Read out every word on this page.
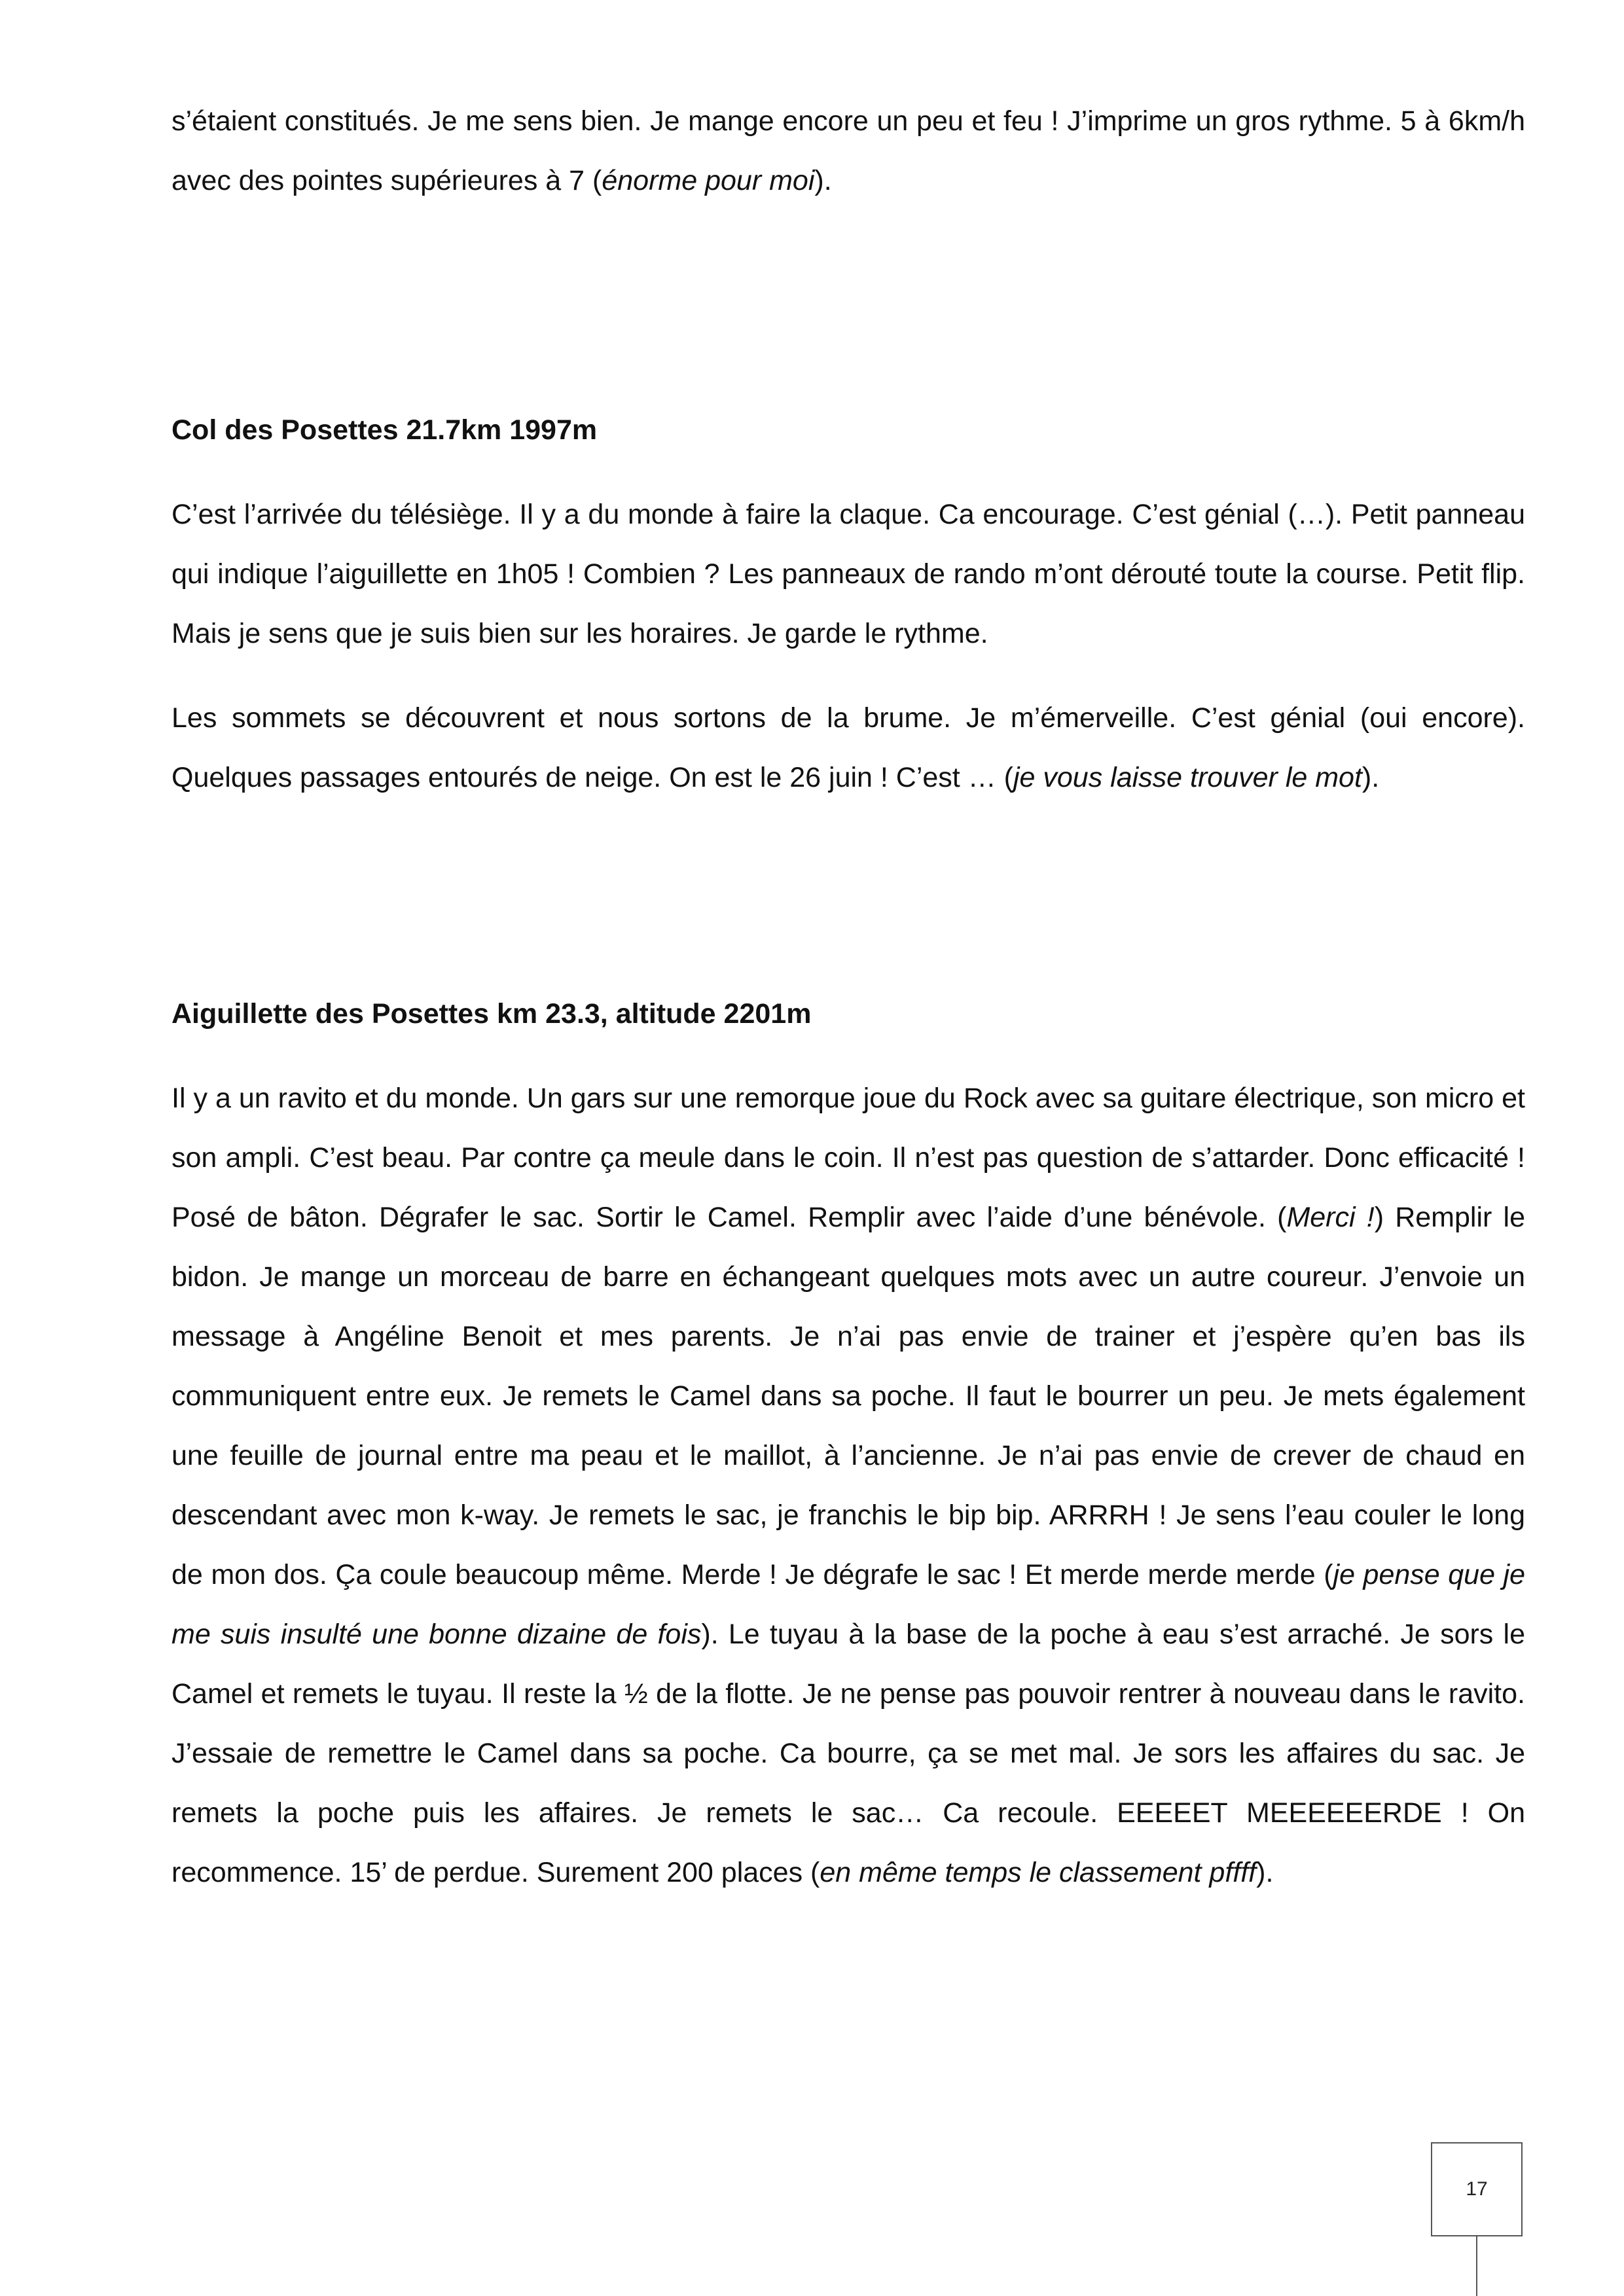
s’étaient constitués. Je me sens bien. Je mange encore un peu et feu ! J’imprime un gros rythme. 5 à 6km/h avec des pointes supérieures à 7 (énorme pour moi).

Col des Posettes 21.7km 1997m

C’est l’arrivée du télésiège. Il y a du monde à faire la claque. Ca encourage. C’est génial (…). Petit panneau qui indique l’aiguillette en 1h05 ! Combien ? Les panneaux de rando m’ont dérouté toute la course. Petit flip. Mais je sens que je suis bien sur les horaires. Je garde le rythme.

Les sommets se découvrent et nous sortons de la brume. Je m’émerveille. C’est génial (oui encore). Quelques passages entourés de neige. On est le 26 juin ! C’est … (je vous laisse trouver le mot).

Aiguillette des Posettes km 23.3, altitude 2201m

Il y a un ravito et du monde. Un gars sur une remorque joue du Rock avec sa guitare électrique, son micro et son ampli. C’est beau. Par contre ça meule dans le coin. Il n’est pas question de s’attarder. Donc efficacité ! Posé de bâton. Dégrafer le sac. Sortir le Camel. Remplir avec l’aide d’une bénévole. (Merci !) Remplir le bidon. Je mange un morceau de barre en échangeant quelques mots avec un autre coureur. J’envoie un message à Angéline Benoit et mes parents. Je n’ai pas envie de trainer et j’espère qu’en bas ils communiquent entre eux. Je remets le Camel dans sa poche. Il faut le bourrer un peu. Je mets également une feuille de journal entre ma peau et le maillot, à l’ancienne. Je n’ai pas envie de crever de chaud en descendant avec mon k-way. Je remets le sac, je franchis le bip bip. ARRRH ! Je sens l’eau couler le long de mon dos. Ça coule beaucoup même. Merde ! Je dégrafe le sac ! Et merde merde merde (je pense que je me suis insulté une bonne dizaine de fois). Le tuyau à la base de la poche à eau s’est arraché. Je sors le Camel et remets le tuyau. Il reste la ½ de la flotte. Je ne pense pas pouvoir rentrer à nouveau dans le ravito. J’essaie de remettre le Camel dans sa poche. Ca bourre, ça se met mal. Je sors les affaires du sac. Je remets la poche puis les affaires. Je remets le sac… Ca recoule. EEEEET MEEEEEERDE ! On recommence. 15’ de perdue. Surement 200 places (en même temps le classement pffff).

17
